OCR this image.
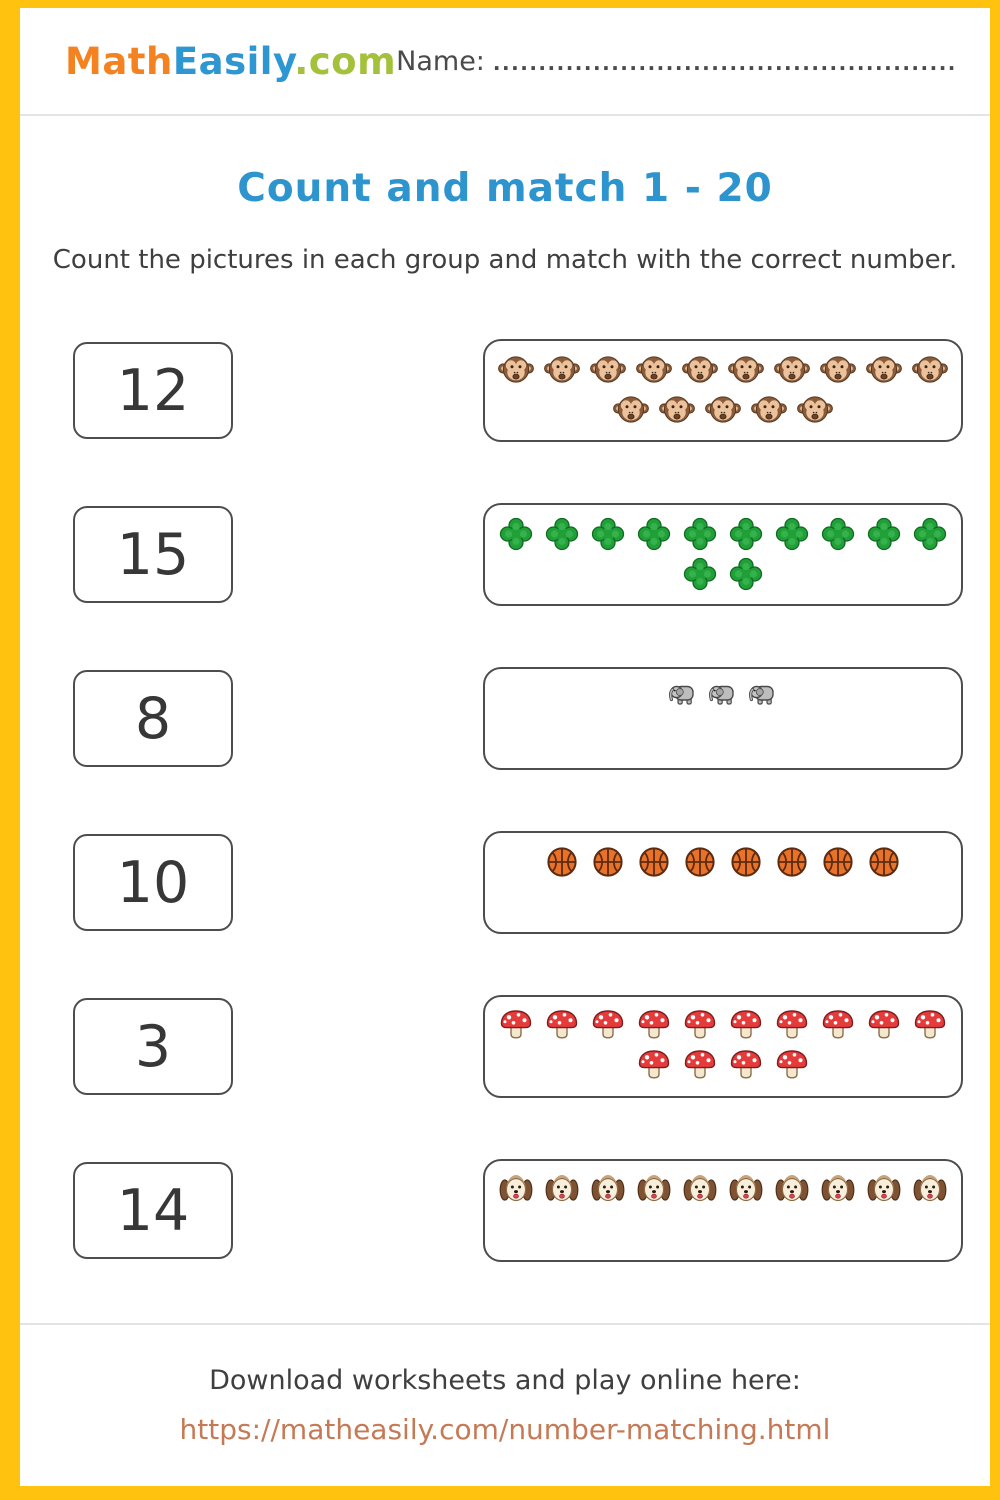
MathEasily.com Name: ...................................................
Count and match 1 - 20
Count the pictures in each group and match with the correct number.
12
15
8
10
3
14
Download worksheets and play online here:
https://matheasily.com/number-matching.html
